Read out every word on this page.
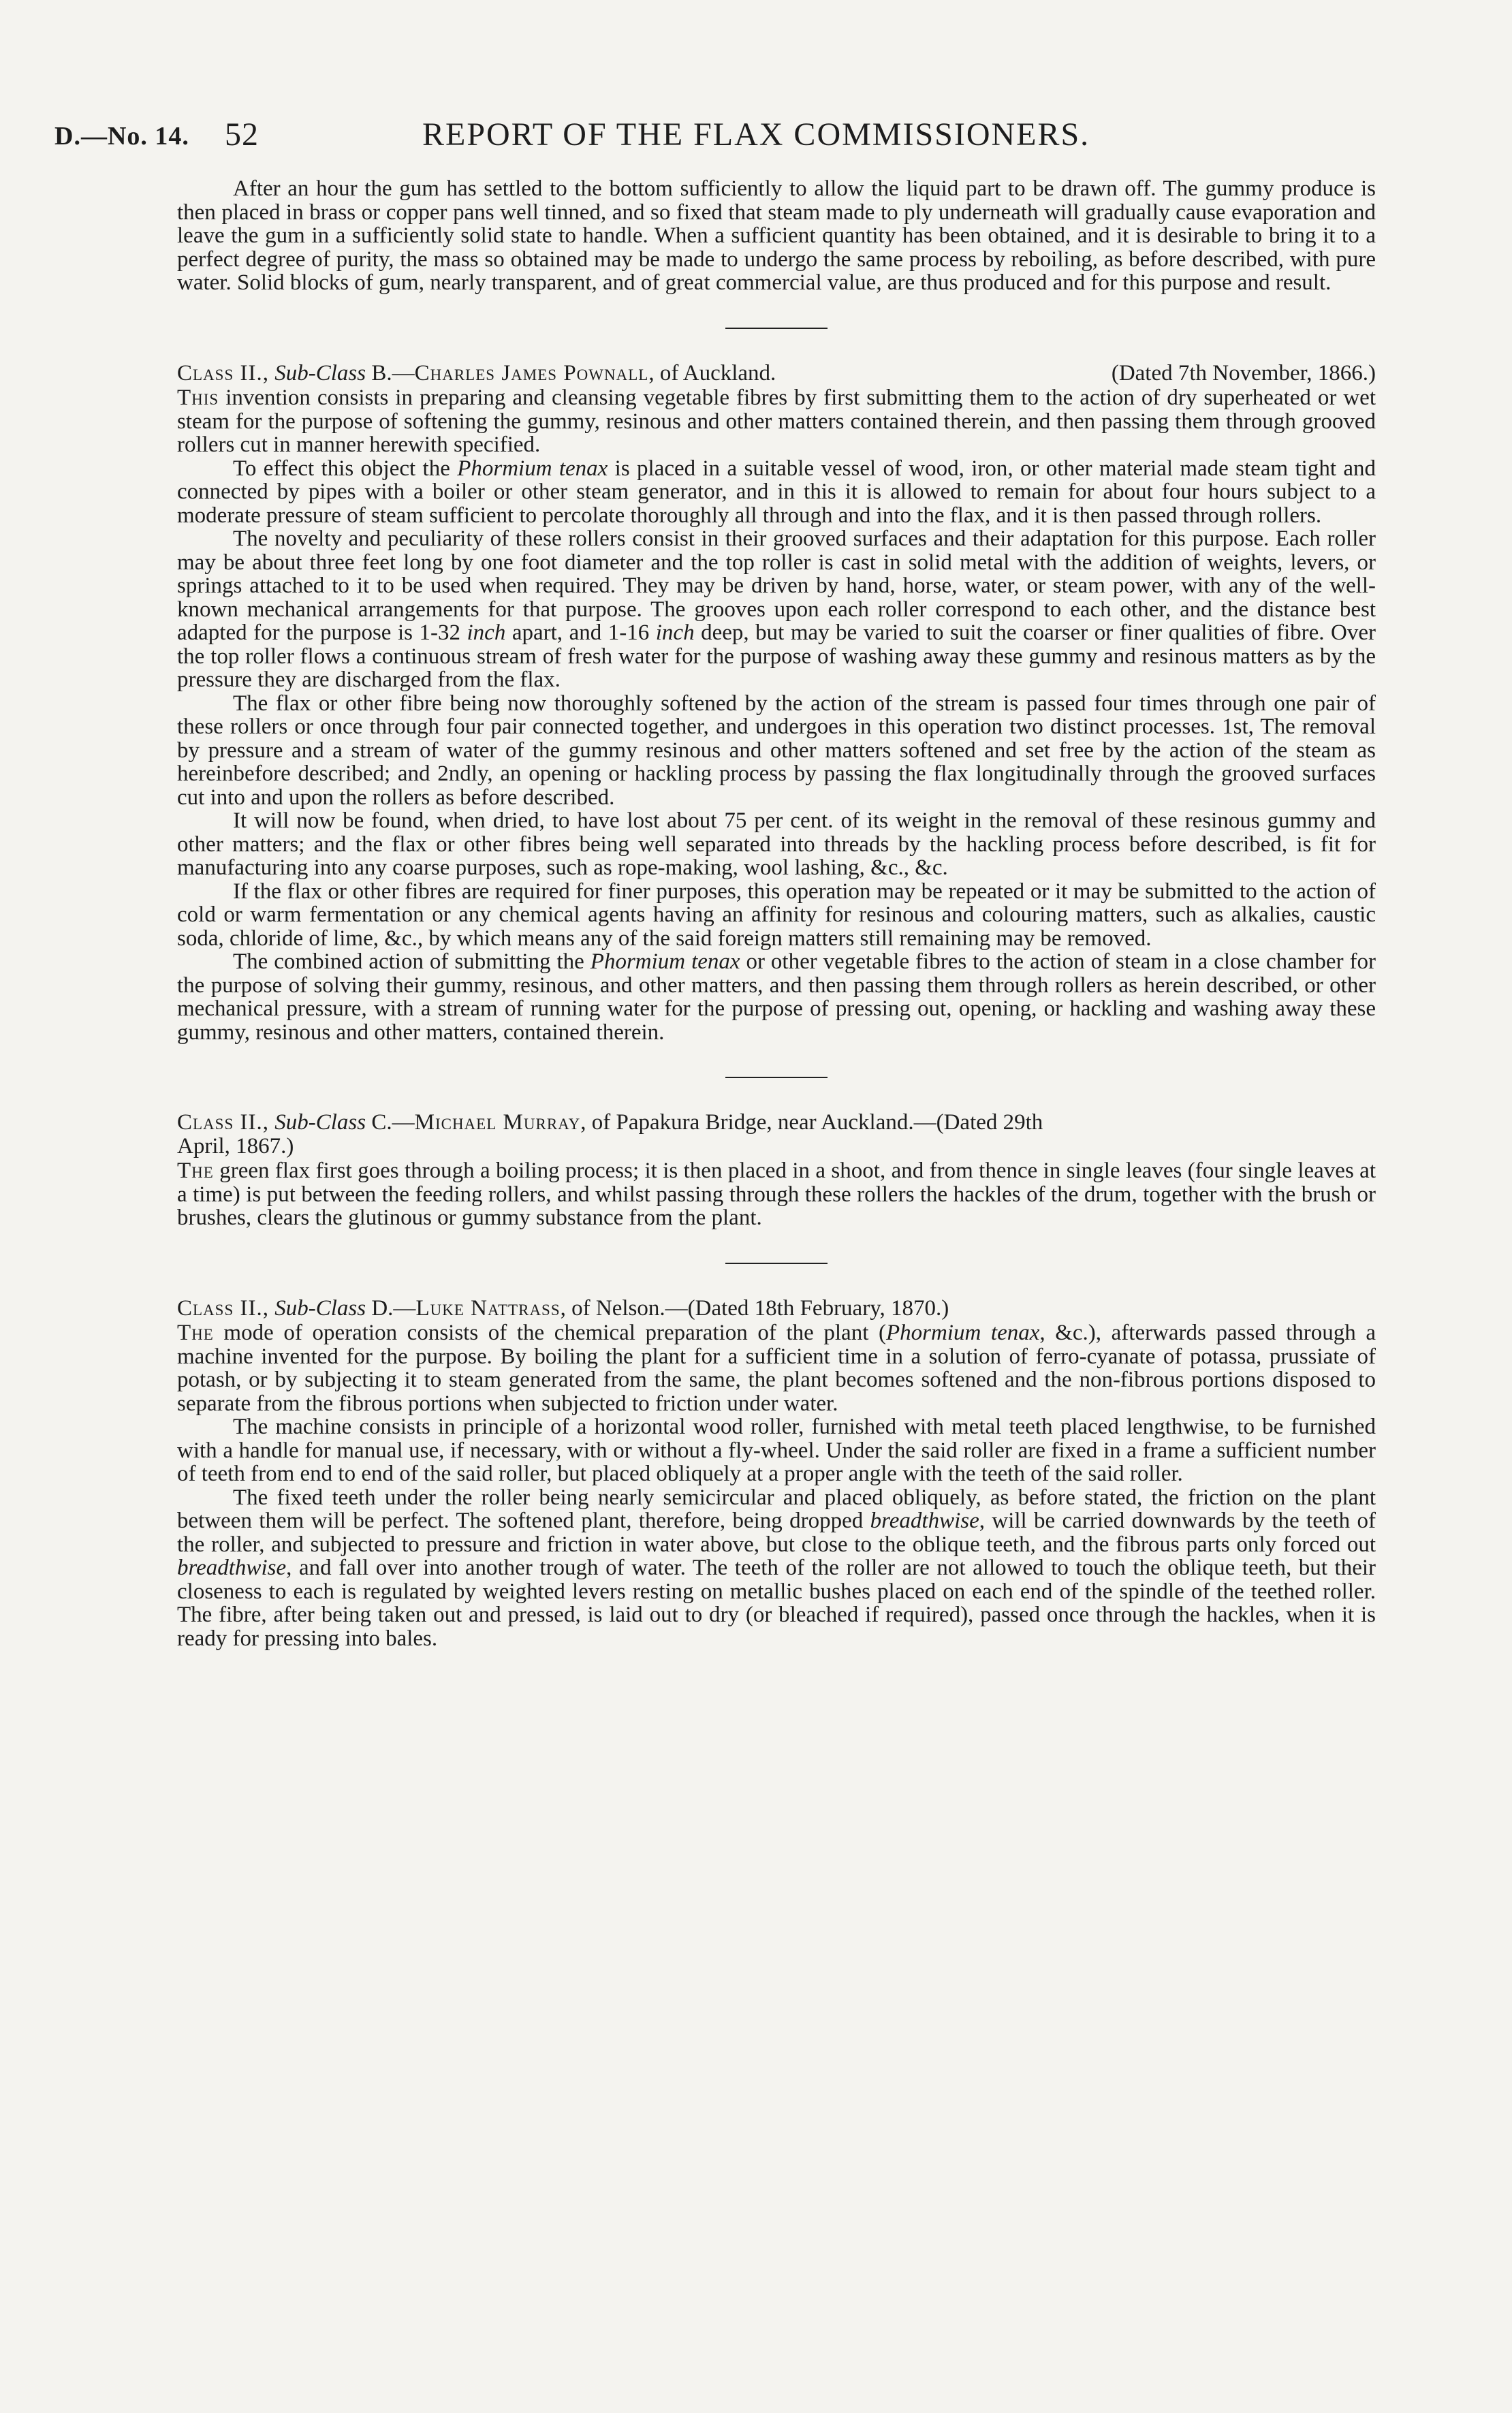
D.—No. 14. 52	REPORT OF THE FLAX COMMISSIONERS.

After an hour the gum has settled to the bottom sufficiently to allow the liquid part to be drawn off. The gummy produce is then placed in brass or copper pans well tinned, and so fixed that steam made to ply underneath will gradually cause evaporation and leave the gum in a sufficiently solid state to handle. When a sufficient quantity has been obtained, and it is desirable to bring it to a perfect degree of purity, the mass so obtained may be made to undergo the same process by reboiling, as before described, with pure water. Solid blocks of gum, nearly transparent, and of great commercial value, are thus produced and for this purpose and result.

Class II., Sub-Class B.—Charles James Pownall, of Auckland.	(Dated 7th November, 1866.)

This invention consists in preparing and cleansing vegetable fibres by first submitting them to the action of dry superheated or wet steam for the purpose of softening the gummy, resinous and other matters contained therein, and then passing them through grooved rollers cut in manner herewith specified.

To effect this object the Phormium tenax is placed in a suitable vessel of wood, iron, or other material made steam tight and connected by pipes with a boiler or other steam generator, and in this it is allowed to remain for about four hours subject to a moderate pressure of steam sufficient to percolate thoroughly all through and into the flax, and it is then passed through rollers.

The novelty and peculiarity of these rollers consist in their grooved surfaces and their adaptation for this purpose. Each roller may be about three feet long by one foot diameter and the top roller is cast in solid metal with the addition of weights, levers, or springs attached to it to be used when required. They may be driven by hand, horse, water, or steam power, with any of the well-known mechanical arrangements for that purpose. The grooves upon each roller correspond to each other, and the distance best adapted for the purpose is 1-32 inch apart, and 1-16 inch deep, but may be varied to suit the coarser or finer qualities of fibre. Over the top roller flows a continuous stream of fresh water for the purpose of washing away these gummy and resinous matters as by the pressure they are discharged from the flax.

The flax or other fibre being now thoroughly softened by the action of the stream is passed four times through one pair of these rollers or once through four pair connected together, and undergoes in this operation two distinct processes. 1st, The removal by pressure and a stream of water of the gummy resinous and other matters softened and set free by the action of the steam as hereinbefore described; and 2ndly, an opening or hackling process by passing the flax longitudinally through the grooved surfaces cut into and upon the rollers as before described.

It will now be found, when dried, to have lost about 75 per cent. of its weight in the removal of these resinous gummy and other matters; and the flax or other fibres being well separated into threads by the hackling process before described, is fit for manufacturing into any coarse purposes, such as rope-making, wool lashing, &c., &c.

If the flax or other fibres are required for finer purposes, this operation may be repeated or it may be submitted to the action of cold or warm fermentation or any chemical agents having an affinity for resinous and colouring matters, such as alkalies, caustic soda, chloride of lime, &c., by which means any of the said foreign matters still remaining may be removed.

The combined action of submitting the Phormium tenax or other vegetable fibres to the action of steam in a close chamber for the purpose of solving their gummy, resinous, and other matters, and then passing them through rollers as herein described, or other mechanical pressure, with a stream of running water for the purpose of pressing out, opening, or hackling and washing away these gummy, resinous and other matters, contained therein.

Class II., Sub-Class C.—Michael Murray, of Papakura Bridge, near Auckland.—(Dated 29th
April, 1867.)

The green flax first goes through a boiling process; it is then placed in a shoot, and from thence in single leaves (four single leaves at a time) is put between the feeding rollers, and whilst passing through these rollers the hackles of the drum, together with the brush or brushes, clears the glutinous or gummy substance from the plant.

Class II., Sub-Class D.—Luke Nattrass, of Nelson.—(Dated 18th February, 1870.)

The mode of operation consists of the chemical preparation of the plant (Phormium tenax, &c.), afterwards passed through a machine invented for the purpose. By boiling the plant for a sufficient time in a solution of ferro-cyanate of potassa, prussiate of potash, or by subjecting it to steam generated from the same, the plant becomes softened and the non-fibrous portions disposed to separate from the fibrous portions when subjected to friction under water.

The machine consists in principle of a horizontal wood roller, furnished with metal teeth placed lengthwise, to be furnished with a handle for manual use, if necessary, with or without a fly-wheel. Under the said roller are fixed in a frame a sufficient number of teeth from end to end of the said roller, but placed obliquely at a proper angle with the teeth of the said roller.

The fixed teeth under the roller being nearly semicircular and placed obliquely, as before stated, the friction on the plant between them will be perfect. The softened plant, therefore, being dropped breadthwise, will be carried downwards by the teeth of the roller, and subjected to pressure and friction in water above, but close to the oblique teeth, and the fibrous parts only forced out breadthwise, and fall over into another trough of water. The teeth of the roller are not allowed to touch the oblique teeth, but their closeness to each is regulated by weighted levers resting on metallic bushes placed on each end of the spindle of the teethed roller. The fibre, after being taken out and pressed, is laid out to dry (or bleached if required), passed once through the hackles, when it is ready for pressing into bales.
